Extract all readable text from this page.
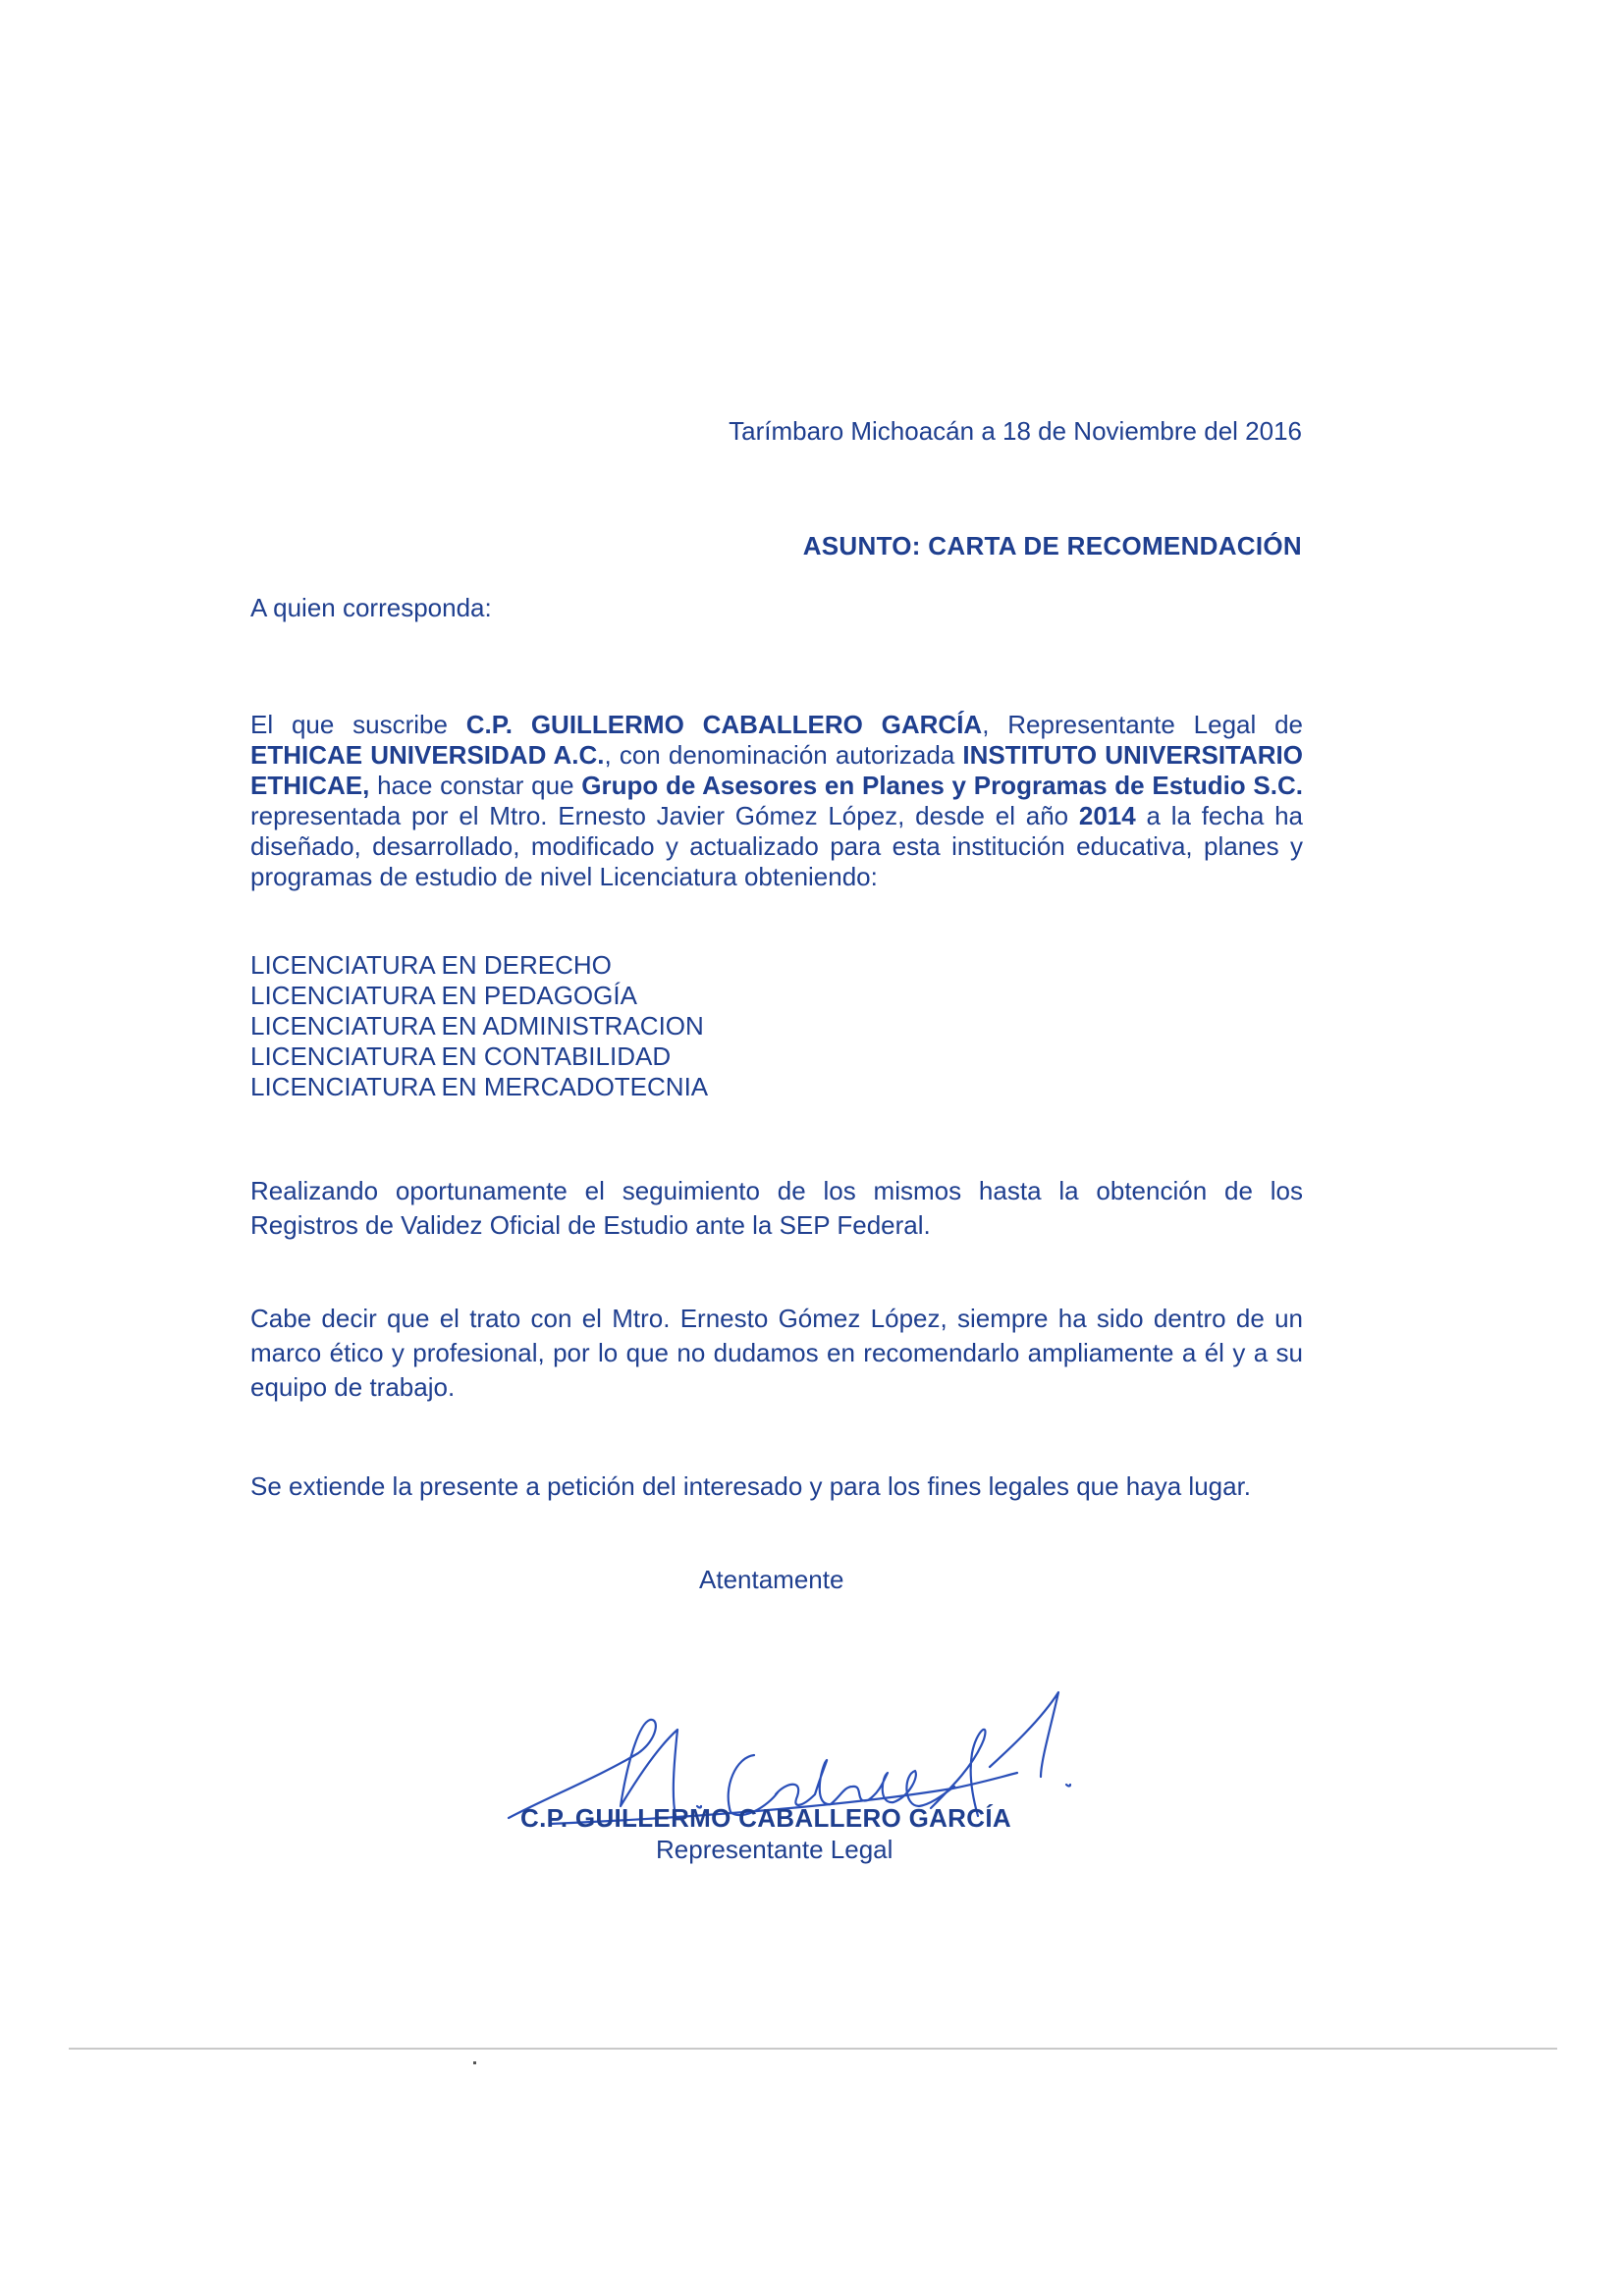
Tarímbaro Michoacán a 18 de Noviembre del 2016
ASUNTO: CARTA DE RECOMENDACIÓN
A quien corresponda:

El que suscribe C.P. GUILLERMO CABALLERO GARCÍA, Representante Legal de ETHICAE UNIVERSIDAD A.C., con denominación autorizada INSTITUTO UNIVERSITARIO ETHICAE, hace constar que Grupo de Asesores en Planes y Programas de Estudio S.C. representada por el Mtro. Ernesto Javier Gómez López, desde el año 2014 a la fecha ha diseñado, desarrollado, modificado y actualizado para esta institución educativa, planes y programas de estudio de nivel Licenciatura obteniendo:

LICENCIATURA EN DERECHO
LICENCIATURA EN PEDAGOGÍA
LICENCIATURA EN ADMINISTRACION
LICENCIATURA EN CONTABILIDAD
LICENCIATURA EN MERCADOTECNIA

Realizando oportunamente el seguimiento de los mismos hasta la obtención de los Registros de Validez Oficial de Estudio ante la SEP Federal.

Cabe decir que el trato con el Mtro. Ernesto Gómez López, siempre ha sido dentro de un marco ético y profesional, por lo que no dudamos en recomendarlo ampliamente a él y a su equipo de trabajo.

Se extiende la presente a petición del interesado y para los fines legales que haya lugar.

Atentamente
C.P. GUILLERMO CABALLERO GARCÍA
Representante Legal
